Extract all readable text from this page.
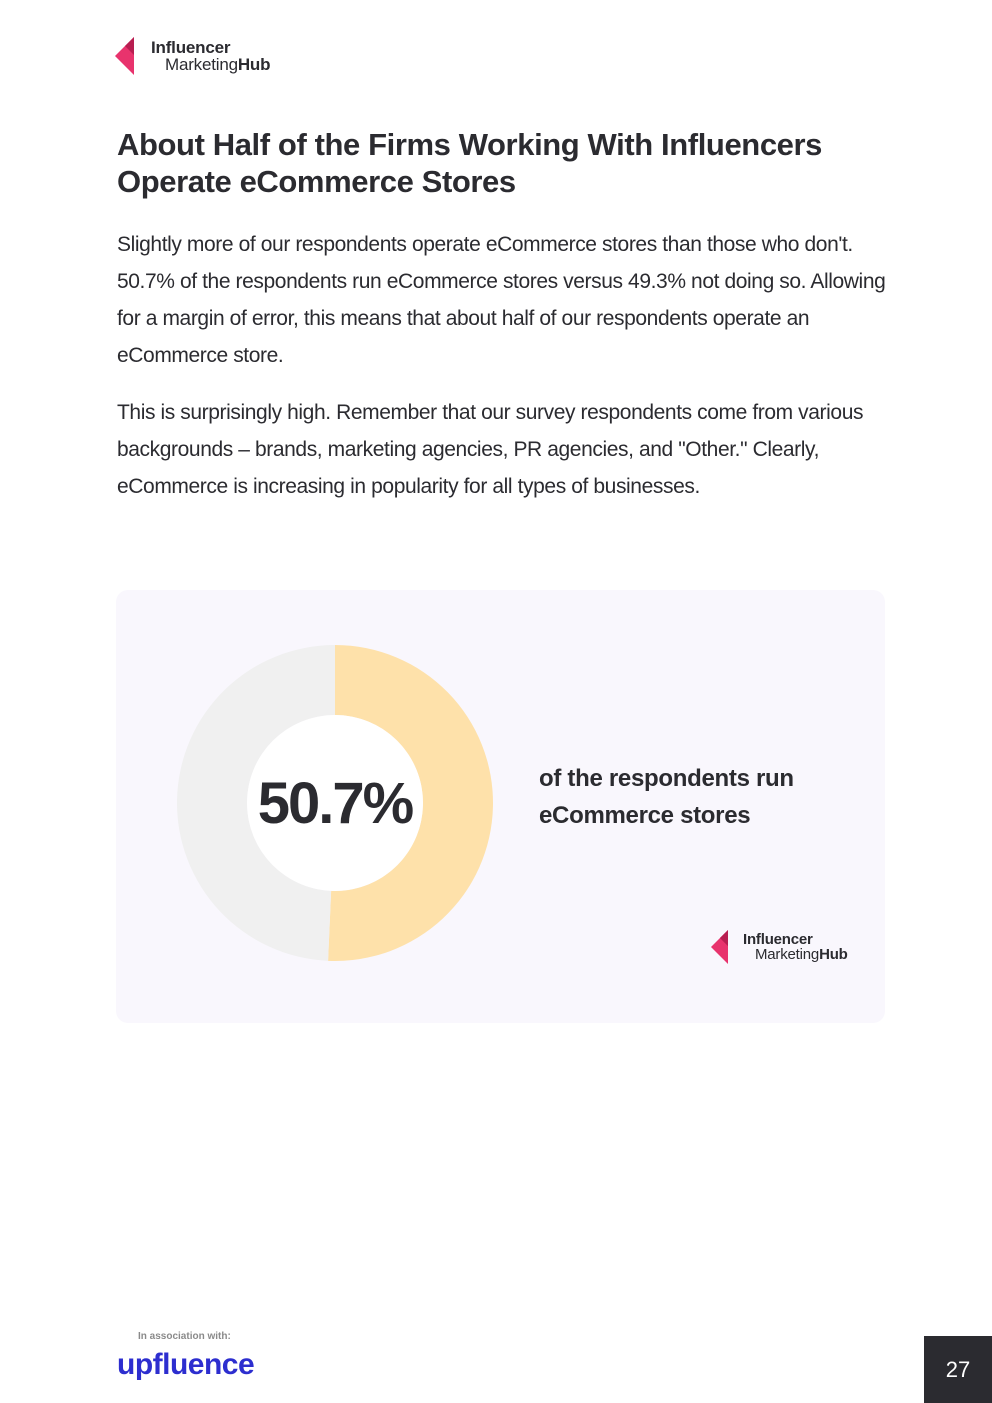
Influencer
MarketingHub
About Half of the Firms Working With Influencers Operate eCommerce Stores

Slightly more of our respondents operate eCommerce stores than those who don't. 50.7% of the respondents run eCommerce stores versus 49.3% not doing so. Allowing for a margin of error, this means that about half of our respondents operate an eCommerce store.

This is surprisingly high. Remember that our survey respondents come from various backgrounds – brands, marketing agencies, PR agencies, and "Other." Clearly, eCommerce is increasing in popularity for all types of businesses.

50.7%	of the respondents run eCommerce stores

Influencer
MarketingHub
In association with:
upfluence	27
